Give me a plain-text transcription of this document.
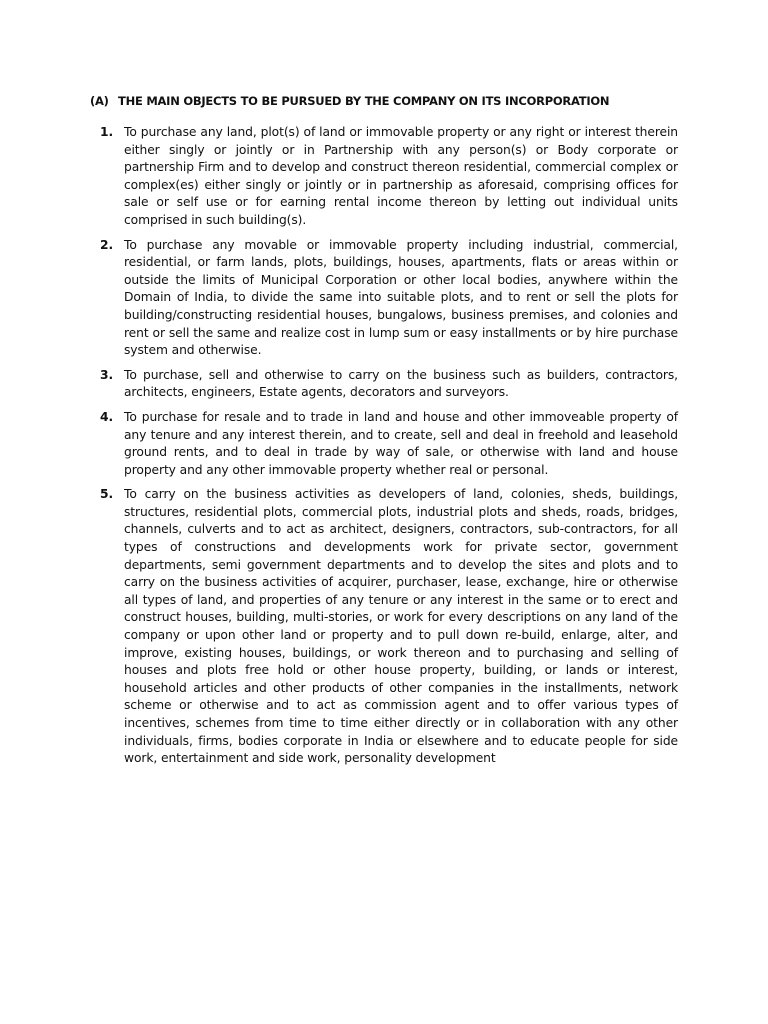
(A) THE MAIN OBJECTS TO BE PURSUED BY THE COMPANY ON ITS INCORPORATION
1. To purchase any land, plot(s) of land or immovable property or any right or interest therein either singly or jointly or in Partnership with any person(s) or Body corporate or partnership Firm and to develop and construct thereon residential, commercial complex or complex(es) either singly or jointly or in partnership as aforesaid, comprising offices for sale or self use or for earning rental income thereon by letting out individual units comprised in such building(s).
2. To purchase any movable or immovable property including industrial, commercial, residential, or farm lands, plots, buildings, houses, apartments, flats or areas within or outside the limits of Municipal Corporation or other local bodies, anywhere within the Domain of India, to divide the same into suitable plots, and to rent or sell the plots for building/constructing residential houses, bungalows, business premises, and colonies and rent or sell the same and realize cost in lump sum or easy installments or by hire purchase system and otherwise.
3. To purchase, sell and otherwise to carry on the business such as builders, contractors, architects, engineers, Estate agents, decorators and surveyors.
4. To purchase for resale and to trade in land and house and other immoveable property of any tenure and any interest therein, and to create, sell and deal in freehold and leasehold ground rents, and to deal in trade by way of sale, or otherwise with land and house property and any other immovable property whether real or personal.
5. To carry on the business activities as developers of land, colonies, sheds, buildings, structures, residential plots, commercial plots, industrial plots and sheds, roads, bridges, channels, culverts and to act as architect, designers, contractors, sub-contractors, for all types of constructions and developments work for private sector, government departments, semi government departments and to develop the sites and plots and to carry on the business activities of acquirer, purchaser, lease, exchange, hire or otherwise all types of land, and properties of any tenure or any interest in the same or to erect and construct houses, building, multi-stories, or work for every descriptions on any land of the company or upon other land or property and to pull down re-build, enlarge, alter, and improve, existing houses, buildings, or work thereon and to purchasing and selling of houses and plots free hold or other house property, building, or lands or interest, household articles and other products of other companies in the installments, network scheme or otherwise and to act as commission agent and to offer various types of incentives, schemes from time to time either directly or in collaboration with any other individuals, firms, bodies corporate in India or elsewhere and to educate people for side work, entertainment and side work, personality development
